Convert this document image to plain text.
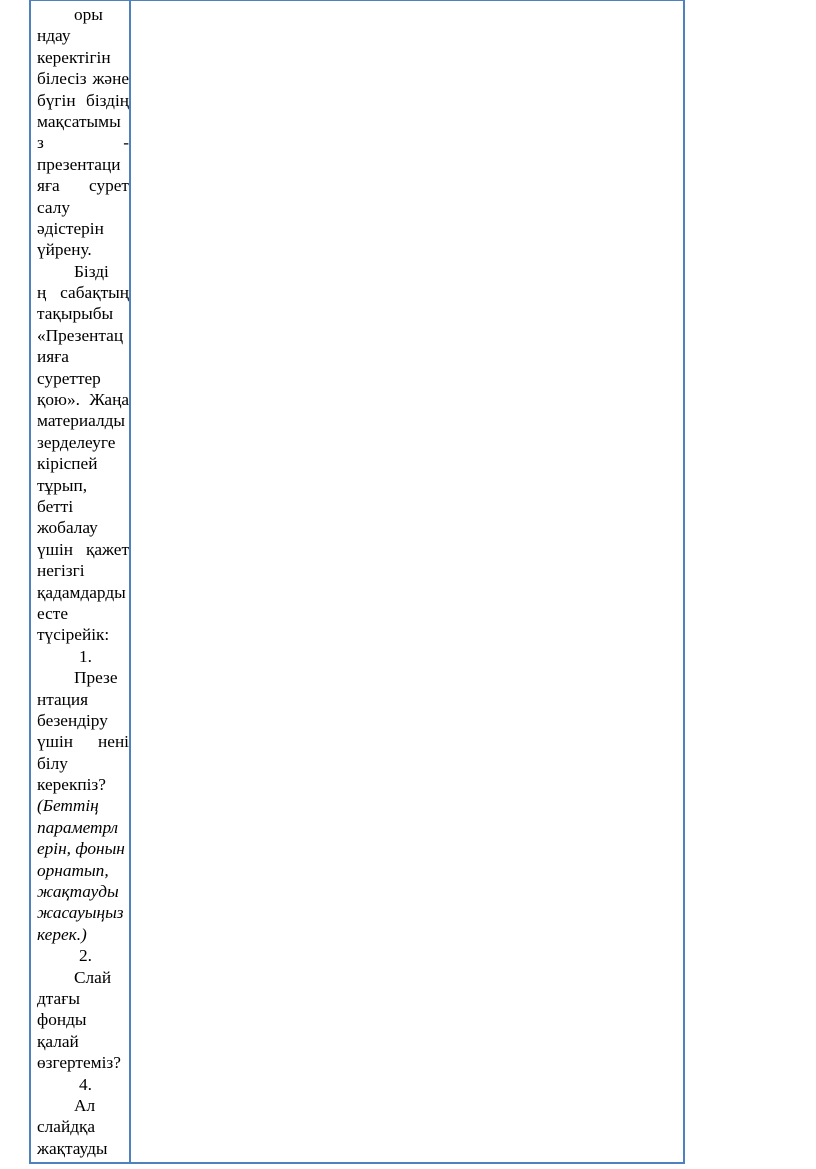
оры
ндау
керектігін
білесіз және
бүгін біздің
мақсатымы
з -
презентаци
яға сурет
салу
әдістерін
үйрену.
Бізді
ң сабақтың
тақырыбы
«Презентац
ияға
суреттер
қою». Жаңа
материалды
зерделеуге
кіріспей
тұрып,
бетті
жобалау
үшін қажет
негізгі
қадамдарды
есте
түсірейік:
1.
Презе
нтация
безендіру
үшін нені
білу
керекпіз?
(Беттің
параметрл
ерін, фонын
орнатып,
жақтауды
жасауыңыз
керек.)
2.
Слай
дтағы
фонды
қалай
өзгертеміз?
4.
Ал
слайдқа
жақтауды
